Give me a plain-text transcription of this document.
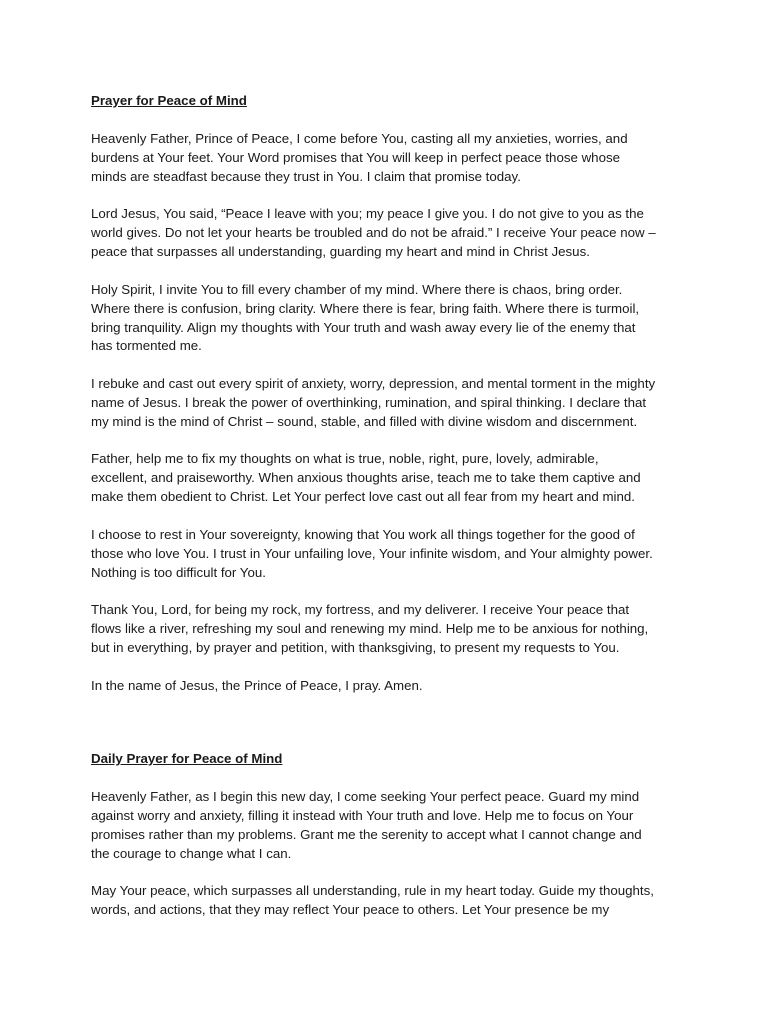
Prayer for Peace of Mind
Heavenly Father, Prince of Peace, I come before You, casting all my anxieties, worries, and
burdens at Your feet. Your Word promises that You will keep in perfect peace those whose
minds are steadfast because they trust in You. I claim that promise today.
Lord Jesus, You said, “Peace I leave with you; my peace I give you. I do not give to you as the
world gives. Do not let your hearts be troubled and do not be afraid.” I receive Your peace now –
peace that surpasses all understanding, guarding my heart and mind in Christ Jesus.
Holy Spirit, I invite You to fill every chamber of my mind. Where there is chaos, bring order.
Where there is confusion, bring clarity. Where there is fear, bring faith. Where there is turmoil,
bring tranquility. Align my thoughts with Your truth and wash away every lie of the enemy that
has tormented me.
I rebuke and cast out every spirit of anxiety, worry, depression, and mental torment in the mighty
name of Jesus. I break the power of overthinking, rumination, and spiral thinking. I declare that
my mind is the mind of Christ – sound, stable, and filled with divine wisdom and discernment.
Father, help me to fix my thoughts on what is true, noble, right, pure, lovely, admirable,
excellent, and praiseworthy. When anxious thoughts arise, teach me to take them captive and
make them obedient to Christ. Let Your perfect love cast out all fear from my heart and mind.
I choose to rest in Your sovereignty, knowing that You work all things together for the good of
those who love You. I trust in Your unfailing love, Your infinite wisdom, and Your almighty power.
Nothing is too difficult for You.
Thank You, Lord, for being my rock, my fortress, and my deliverer. I receive Your peace that
flows like a river, refreshing my soul and renewing my mind. Help me to be anxious for nothing,
but in everything, by prayer and petition, with thanksgiving, to present my requests to You.
In the name of Jesus, the Prince of Peace, I pray. Amen.
Daily Prayer for Peace of Mind
Heavenly Father, as I begin this new day, I come seeking Your perfect peace. Guard my mind
against worry and anxiety, filling it instead with Your truth and love. Help me to focus on Your
promises rather than my problems. Grant me the serenity to accept what I cannot change and
the courage to change what I can.
May Your peace, which surpasses all understanding, rule in my heart today. Guide my thoughts,
words, and actions, that they may reflect Your peace to others. Let Your presence be my
